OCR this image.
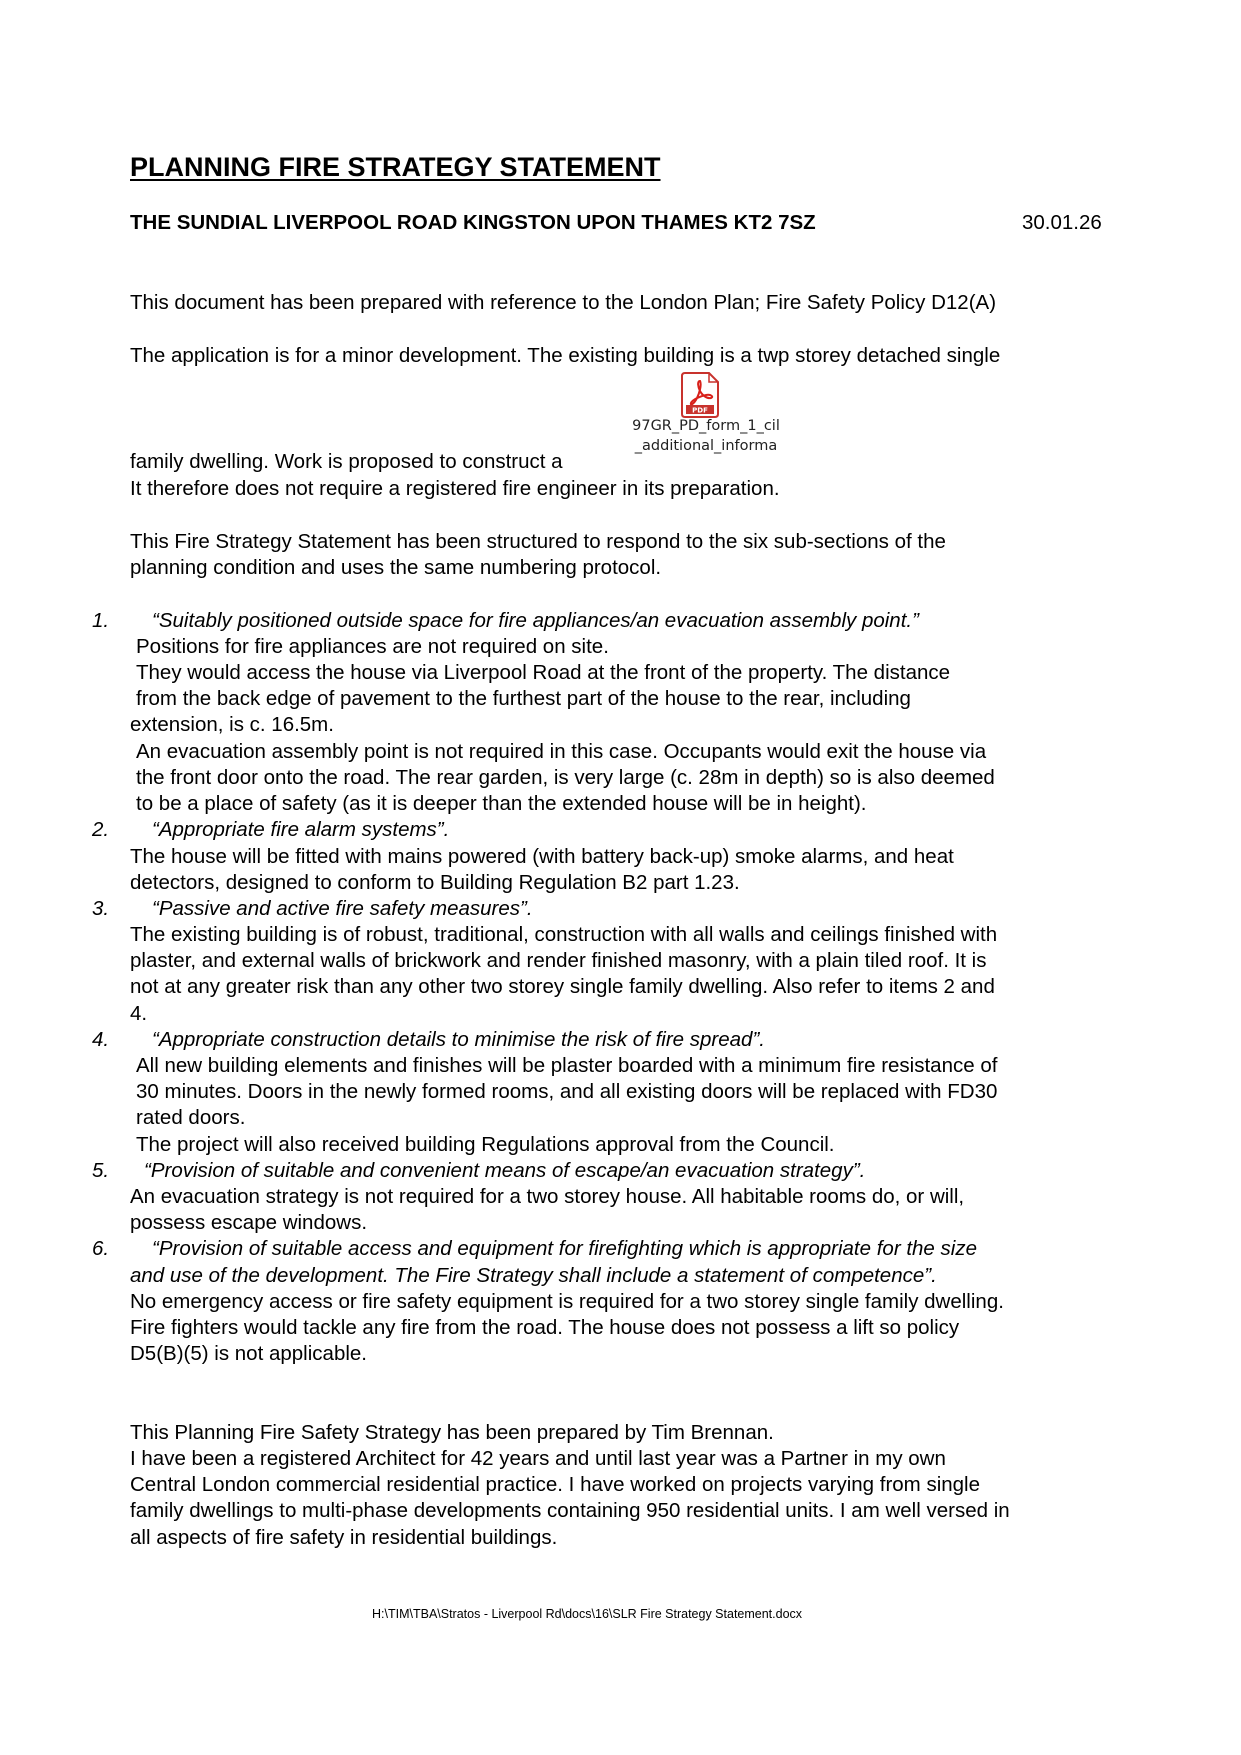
PLANNING FIRE STRATEGY STATEMENT
THE SUNDIAL LIVERPOOL ROAD KINGSTON UPON THAMES KT2 7SZ	30.01.26
This document has been prepared with reference to the London Plan; Fire Safety Policy D12(A)
The application is for a minor development. The existing building is a twp storey detached single
PDF
97GR_PD_form_1_cil
_additional_informa
family dwelling. Work is proposed to construct a
It therefore does not require a registered fire engineer in its preparation.
This Fire Strategy Statement has been structured to respond to the six sub-sections of the
planning condition and uses the same numbering protocol.
1. “Suitably positioned outside space for fire appliances/an evacuation assembly point.”
Positions for fire appliances are not required on site.
They would access the house via Liverpool Road at the front of the property. The distance
from the back edge of pavement to the furthest part of the house to the rear, including
extension, is c. 16.5m.
An evacuation assembly point is not required in this case. Occupants would exit the house via
the front door onto the road. The rear garden, is very large (c. 28m in depth) so is also deemed
to be a place of safety (as it is deeper than the extended house will be in height).
2. “Appropriate fire alarm systems”.
The house will be fitted with mains powered (with battery back-up) smoke alarms, and heat
detectors, designed to conform to Building Regulation B2 part 1.23.
3. “Passive and active fire safety measures”.
The existing building is of robust, traditional, construction with all walls and ceilings finished with
plaster, and external walls of brickwork and render finished masonry, with a plain tiled roof. It is
not at any greater risk than any other two storey single family dwelling. Also refer to items 2 and
4.
4. “Appropriate construction details to minimise the risk of fire spread”.
All new building elements and finishes will be plaster boarded with a minimum fire resistance of
30 minutes. Doors in the newly formed rooms, and all existing doors will be replaced with FD30
rated doors.
The project will also received building Regulations approval from the Council.
5. “Provision of suitable and convenient means of escape/an evacuation strategy”.
An evacuation strategy is not required for a two storey house. All habitable rooms do, or will,
possess escape windows.
6. “Provision of suitable access and equipment for firefighting which is appropriate for the size
and use of the development. The Fire Strategy shall include a statement of competence”.
No emergency access or fire safety equipment is required for a two storey single family dwelling.
Fire fighters would tackle any fire from the road. The house does not possess a lift so policy
D5(B)(5) is not applicable.
This Planning Fire Safety Strategy has been prepared by Tim Brennan.
I have been a registered Architect for 42 years and until last year was a Partner in my own
Central London commercial residential practice. I have worked on projects varying from single
family dwellings to multi-phase developments containing 950 residential units. I am well versed in
all aspects of fire safety in residential buildings.
H:\TIM\TBA\Stratos - Liverpool Rd\docs\16\SLR Fire Strategy Statement.docx
